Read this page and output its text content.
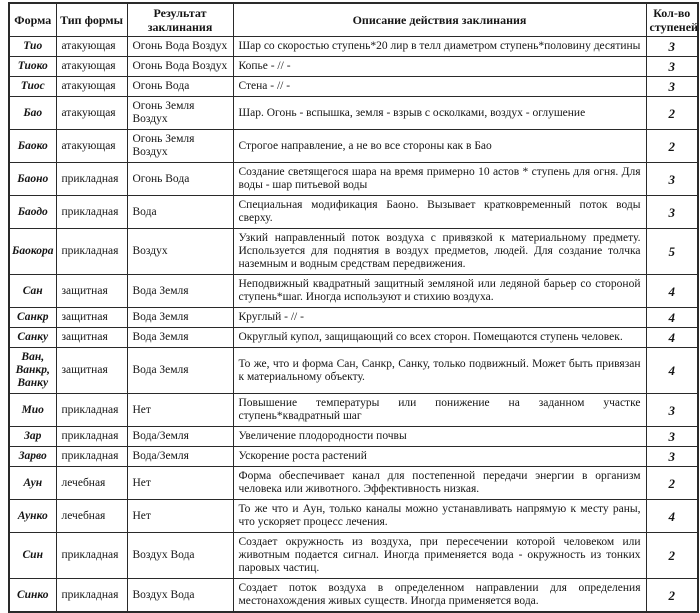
Форма	Тип формы	Результат заклинания	Описание действия заклинания	Кол-во ступеней
Тио	атакующая	Огонь Вода Воздух	Шар со скоростью ступень*20 лир в телл диаметром ступень*половину десятины	3
Тиоко	атакующая	Огонь Вода Воздух	Копье - // -	3
Тиос	атакующая	Огонь Вода	Стена - // -	3
Бао	атакующая	Огонь Земля Воздух	Шар. Огонь - вспышка, земля - взрыв с осколками, воздух - оглушение	2
Баоко	атакующая	Огонь Земля Воздух	Строгое направление, а не во все стороны как в Бао	2
Баоно	прикладная	Огонь Вода	Создание светящегося шара на время примерно 10 астов * ступень для огня. Для воды - шар питьевой воды	3
Баодо	прикладная	Вода	Специальная модификация Баоно. Вызывает кратковременный поток воды сверху.	3
Баокора	прикладная	Воздух	Узкий направленный поток воздуха с привязкой к материальному предмету. Используется для поднятия в воздух предметов, людей. Для создание толчка наземным и водным средствам передвижения.	5
Сан	защитная	Вода Земля	Неподвижный квадратный защитный земляной или ледяной барьер со стороной ступень*шаг. Иногда используют и стихию воздуха.	4
Санкр	защитная	Вода Земля	Круглый - // -	4
Санку	защитная	Вода Земля	Округлый купол, защищающий со всех сторон. Помещаются ступень человек.	4
Ван, Ванкр, Ванку	защитная	Вода Земля	То же, что и форма Сан, Санкр, Санку, только подвижный. Может быть привязан к материальному объекту.	4
Мио	прикладная	Нет	Повышение температуры или понижение на заданном участке ступень*квадратный шаг	3
Зар	прикладная	Вода/Земля	Увеличение плодородности почвы	3
Зарво	прикладная	Вода/Земля	Ускорение роста растений	3
Аун	лечебная	Нет	Форма обеспечивает канал для постепенной передачи энергии в организм человека или животного. Эффективность низкая.	2
Аунко	лечебная	Нет	То же что и Аун, только каналы можно устанавливать напрямую к месту раны, что ускоряет процесс лечения.	4
Син	прикладная	Воздух Вода	Создает окружность из воздуха, при пересечении которой человеком или животным подается сигнал. Иногда применяется вода - окружность из тонких паровых частиц.	2
Синко	прикладная	Воздух Вода	Создает поток воздуха в определенном направлении для определения местонахождения живых существ. Иногда применяется вода.	2
